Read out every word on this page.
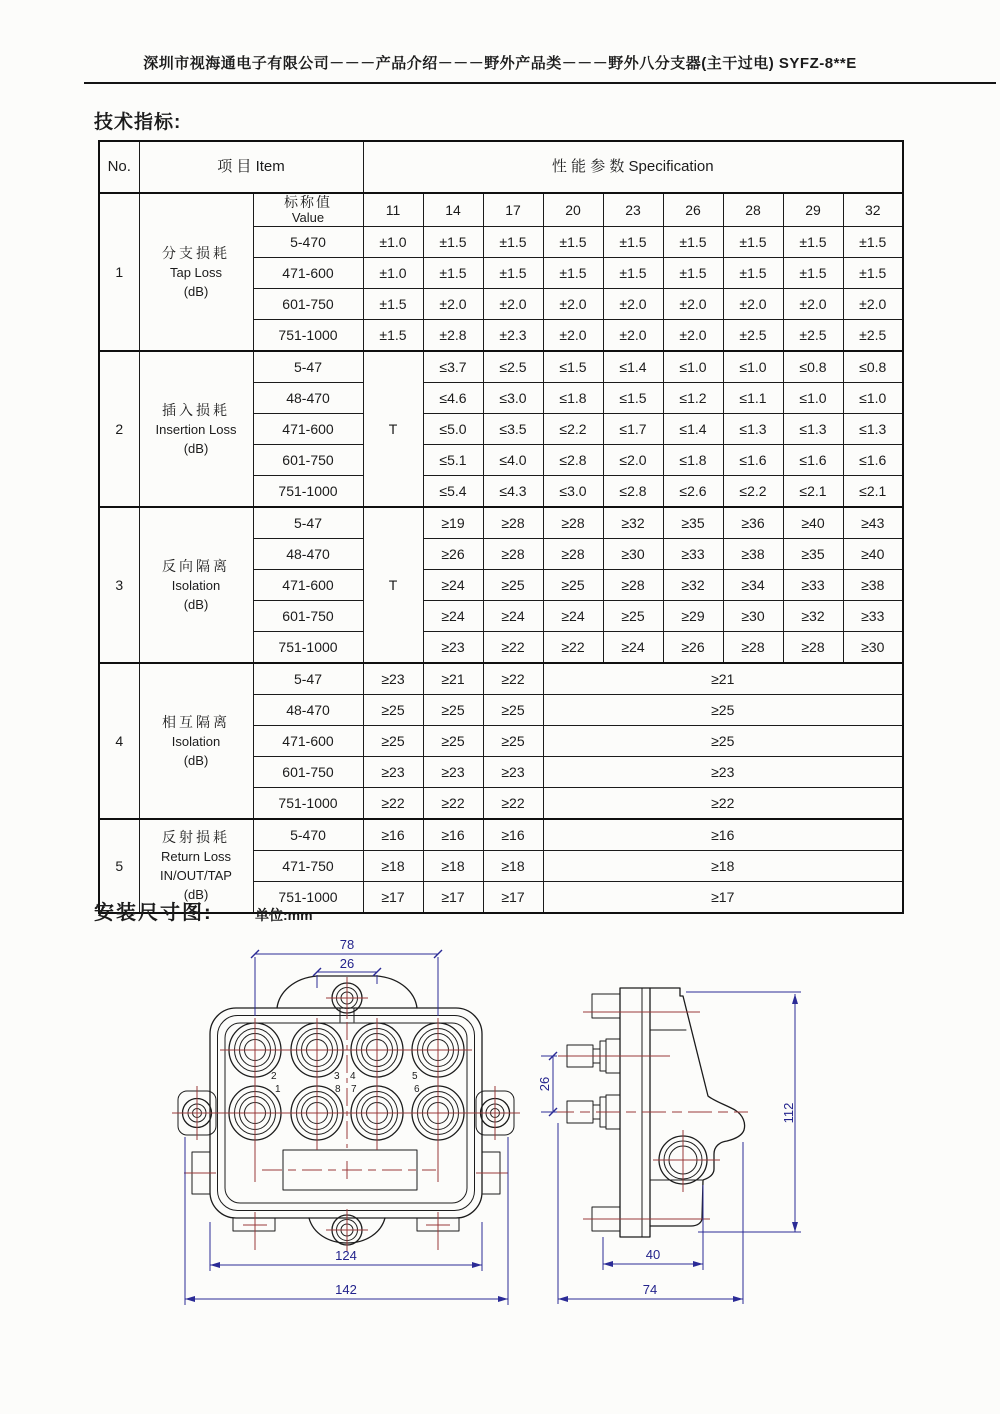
深圳市视海通电子有限公司－－－产品介绍－－－野外产品类－－－野外八分支器(主干过电) SYFZ-8**E
技术指标:
No.	项 目 Item		性 能 参 数 Specification								
1	
分支损耗
Tap Loss
(dB)

标称值
Value	11	14	17	20	23	26	28	29	32
		5-470	±1.0	±1.5	±1.5	±1.5	±1.5	±1.5	±1.5	±1.5	±1.5
		471-600	±1.0	±1.5	±1.5	±1.5	±1.5	±1.5	±1.5	±1.5	±1.5
		601-750	±1.5	±2.0	±2.0	±2.0	±2.0	±2.0	±2.0	±2.0	±2.0
		751-1000	±1.5	±2.8	±2.3	±2.0	±2.0	±2.0	±2.5	±2.5	±2.5
2	插入损耗
Insertion Loss
(dB)	5-47	T	≤3.7	≤2.5	≤1.5	≤1.4	≤1.0	≤1.0	≤0.8	≤0.8
		48-470		≤4.6	≤3.0	≤1.8	≤1.5	≤1.2	≤1.1	≤1.0	≤1.0
		471-600		≤5.0	≤3.5	≤2.2	≤1.7	≤1.4	≤1.3	≤1.3	≤1.3
		601-750		≤5.1	≤4.0	≤2.8	≤2.0	≤1.8	≤1.6	≤1.6	≤1.6
		751-1000		≤5.4	≤4.3	≤3.0	≤2.8	≤2.6	≤2.2	≤2.1	≤2.1
3	反向隔离
Isolation
(dB)	5-47	T	≥19	≥28	≥28	≥32	≥35	≥36	≥40	≥43
		48-470		≥26	≥28	≥28	≥30	≥33	≥38	≥35	≥40
		471-600		≥24	≥25	≥25	≥28	≥32	≥34	≥33	≥38
		601-750		≥24	≥24	≥24	≥25	≥29	≥30	≥32	≥33
		751-1000		≥23	≥22	≥22	≥24	≥26	≥28	≥28	≥30
4	相互隔离
Isolation
(dB)	5-47	≥23	≥21	≥22	≥21					
		48-470	≥25	≥25	≥25	≥25					
		471-600	≥25	≥25	≥25	≥25					
		601-750	≥23	≥23	≥23	≥23					
		751-1000	≥22	≥22	≥22	≥22					
5	反射损耗
Return Loss
IN/OUT/TAP
(dB)	5-470	≥16	≥16	≥16	≥16					
		471-750	≥18	≥18	≥18	≥18					
		751-1000	≥17	≥17	≥17	≥17					
安装尺寸图:	单位:mm
2	3 4	5
1	8 7	6
78
26
124
142
26
112
40
74
